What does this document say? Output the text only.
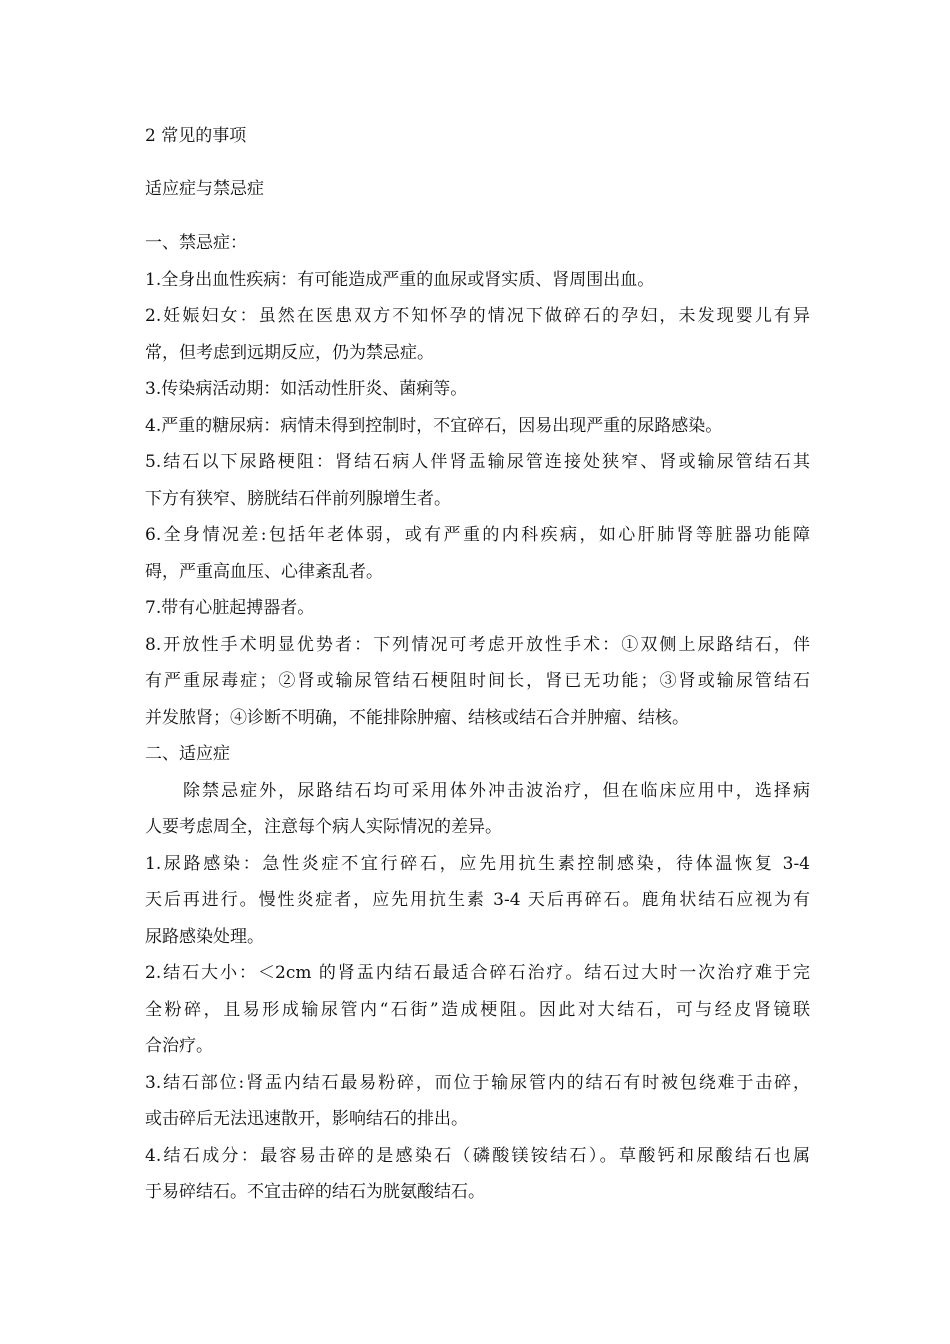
2 常见的事项
适应症与禁忌症
一、禁忌症：
1.全身出血性疾病：有可能造成严重的血尿或肾实质、肾周围出血。
2.妊娠妇女：虽然在医患双方不知怀孕的情况下做碎石的孕妇，未发现婴儿有异
常，但考虑到远期反应，仍为禁忌症。
3.传染病活动期：如活动性肝炎、菌痢等。
4.严重的糖尿病：病情未得到控制时，不宜碎石，因易出现严重的尿路感染。
5.结石以下尿路梗阻：肾结石病人伴肾盂输尿管连接处狭窄、肾或输尿管结石其
下方有狭窄、膀胱结石伴前列腺增生者。
6.全身情况差:包括年老体弱，或有严重的内科疾病，如心肝肺肾等脏器功能障
碍，严重高血压、心律紊乱者。
7.带有心脏起搏器者。
8.开放性手术明显优势者：下列情况可考虑开放性手术：①双侧上尿路结石，伴
有严重尿毒症；②肾或输尿管结石梗阻时间长，肾已无功能；③肾或输尿管结石
并发脓肾；④诊断不明确，不能排除肿瘤、结核或结石合并肿瘤、结核。
二、适应症
除禁忌症外，尿路结石均可采用体外冲击波治疗，但在临床应用中，选择病
人要考虑周全，注意每个病人实际情况的差异。
1.尿路感染：急性炎症不宜行碎石，应先用抗生素控制感染，待体温恢复 3-4
天后再进行。慢性炎症者，应先用抗生素 3-4 天后再碎石。鹿角状结石应视为有
尿路感染处理。
2.结石大小：＜2cm 的肾盂内结石最适合碎石治疗。结石过大时一次治疗难于完
全粉碎，且易形成输尿管内“石街”造成梗阻。因此对大结石，可与经皮肾镜联
合治疗。
3.结石部位:肾盂内结石最易粉碎，而位于输尿管内的结石有时被包绕难于击碎，
或击碎后无法迅速散开，影响结石的排出。
4.结石成分：最容易击碎的是感染石（磷酸镁铵结石）。草酸钙和尿酸结石也属
于易碎结石。不宜击碎的结石为胱氨酸结石。
